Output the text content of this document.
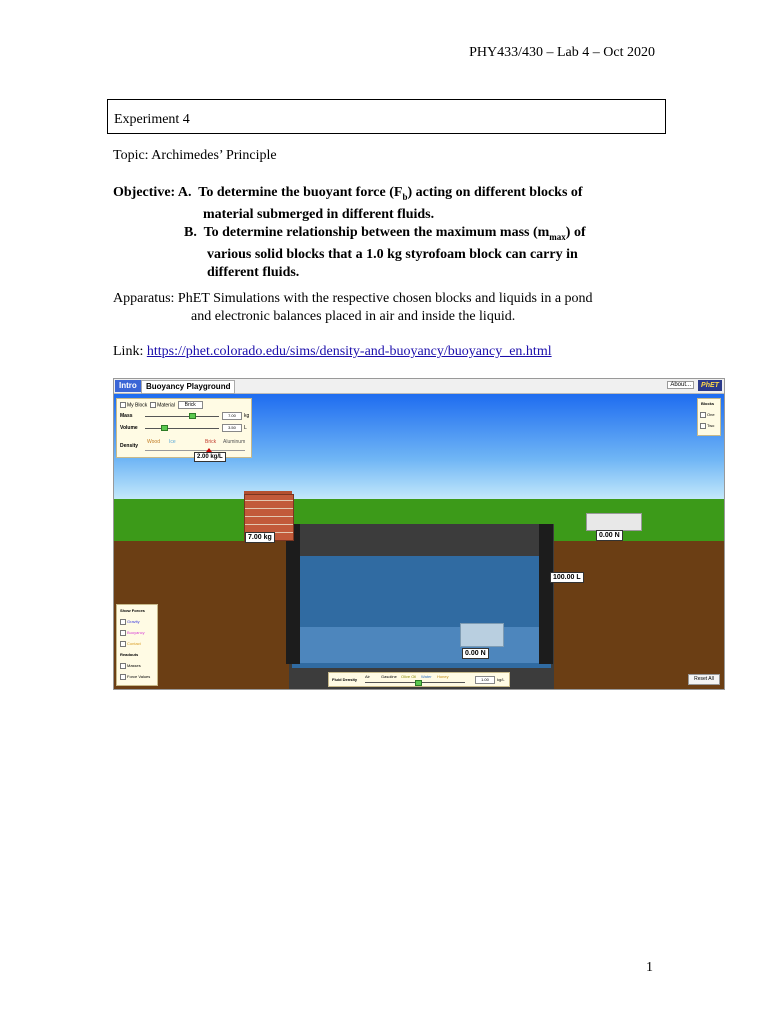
PHY433/430 – Lab 4 – Oct 2020
Experiment 4
Topic: Archimedes’ Principle
Objective: A. To determine the buoyant force $(F_b)$ acting on different blocks of
material submerged in different fluids.
B. To determine relationship between the maximum mass $(m_{max})$ of
various solid blocks that a 1.0 kg styrofoam block can carry in
different fluids.
Apparatus: PhET Simulations with the respective chosen blocks and liquids in a pond
and electronic balances placed in air and inside the liquid.
Link: https://phet.colorado.edu/sims/density-and-buoyancy/buoyancy_en.html
Intro	Buoyancy Playground	About...	PhET
My Block Material Brick
Mass	7.00	kg
Volume	3.50	L
Density
Wood Ice	Brick Aluminum
2.00 kg/L
Blocks
One
Two
100.00 L
7.00 kg	0.00 N
0.00 N
Show Forces
Gravity
Buoyancy
Contact
Readouts
Masses
Force Values
Fluid Density
Air	Gasoline Olive Oil Water Honey
1.00	kg/L	Reset All
1
